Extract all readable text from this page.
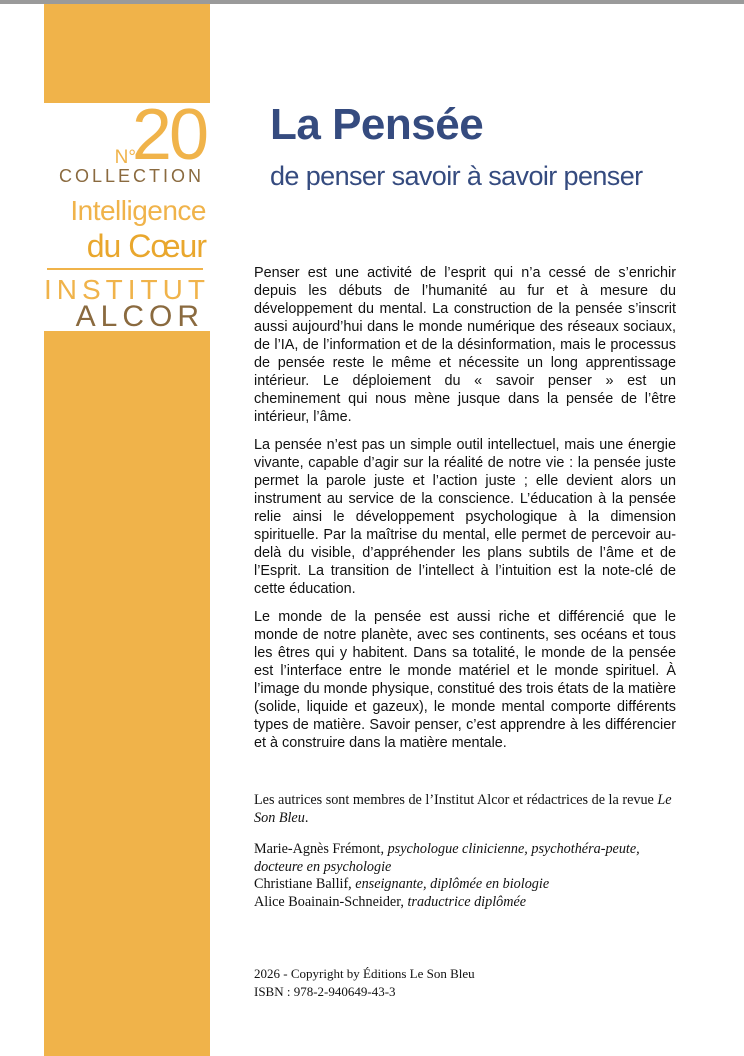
N°
20
COLLECTION
Intelligence
du Cœur
INSTITUT
ALCOR
La Pensée
de penser savoir à savoir penser

Penser est une activité de l’esprit qui n’a cessé de s’enrichir depuis les débuts de l’humanité au fur et à mesure du développement du mental. La construction de la pensée s’inscrit aussi aujourd’hui dans le monde numérique des réseaux sociaux, de l’IA, de l’information et de la désinformation, mais le processus de pensée reste le même et nécessite un long apprentissage intérieur. Le déploiement du « savoir penser » est un cheminement qui nous mène jusque dans la pensée de l’être intérieur, l’âme.

La pensée n’est pas un simple outil intellectuel, mais une énergie vivante, capable d’agir sur la réalité de notre vie : la pensée juste permet la parole juste et l’action juste ; elle devient alors un instrument au service de la conscience. L’éducation à la pensée relie ainsi le développement psychologique à la dimension spirituelle. Par la maîtrise du mental, elle permet de percevoir au-delà du visible, d’appréhender les plans subtils de l’âme et de l’Esprit. La transition de l’intellect à l’intuition est la note-clé de cette éducation.

Le monde de la pensée est aussi riche et différencié que le monde de notre planète, avec ses continents, ses océans et tous les êtres qui y habitent. Dans sa totalité, le monde de la pensée est l’interface entre le monde matériel et le monde spirituel. À l’image du monde physique, constitué des trois états de la matière (solide, liquide et gazeux), le monde mental comporte différents types de matière. Savoir penser, c’est apprendre à les différencier et à construire dans la matière mentale.

Les autrices sont membres de l’Institut Alcor et rédactrices de la revue Le Son Bleu.
Marie-Agnès Frémont, psychologue clinicienne, psychothéra-peute, docteure en psychologie
Christiane Ballif, enseignante, diplômée en biologie
Alice Boainain-Schneider, traductrice diplômée
2026 - Copyright by Éditions Le Son Bleu
ISBN : 978-2-940649-43-3
